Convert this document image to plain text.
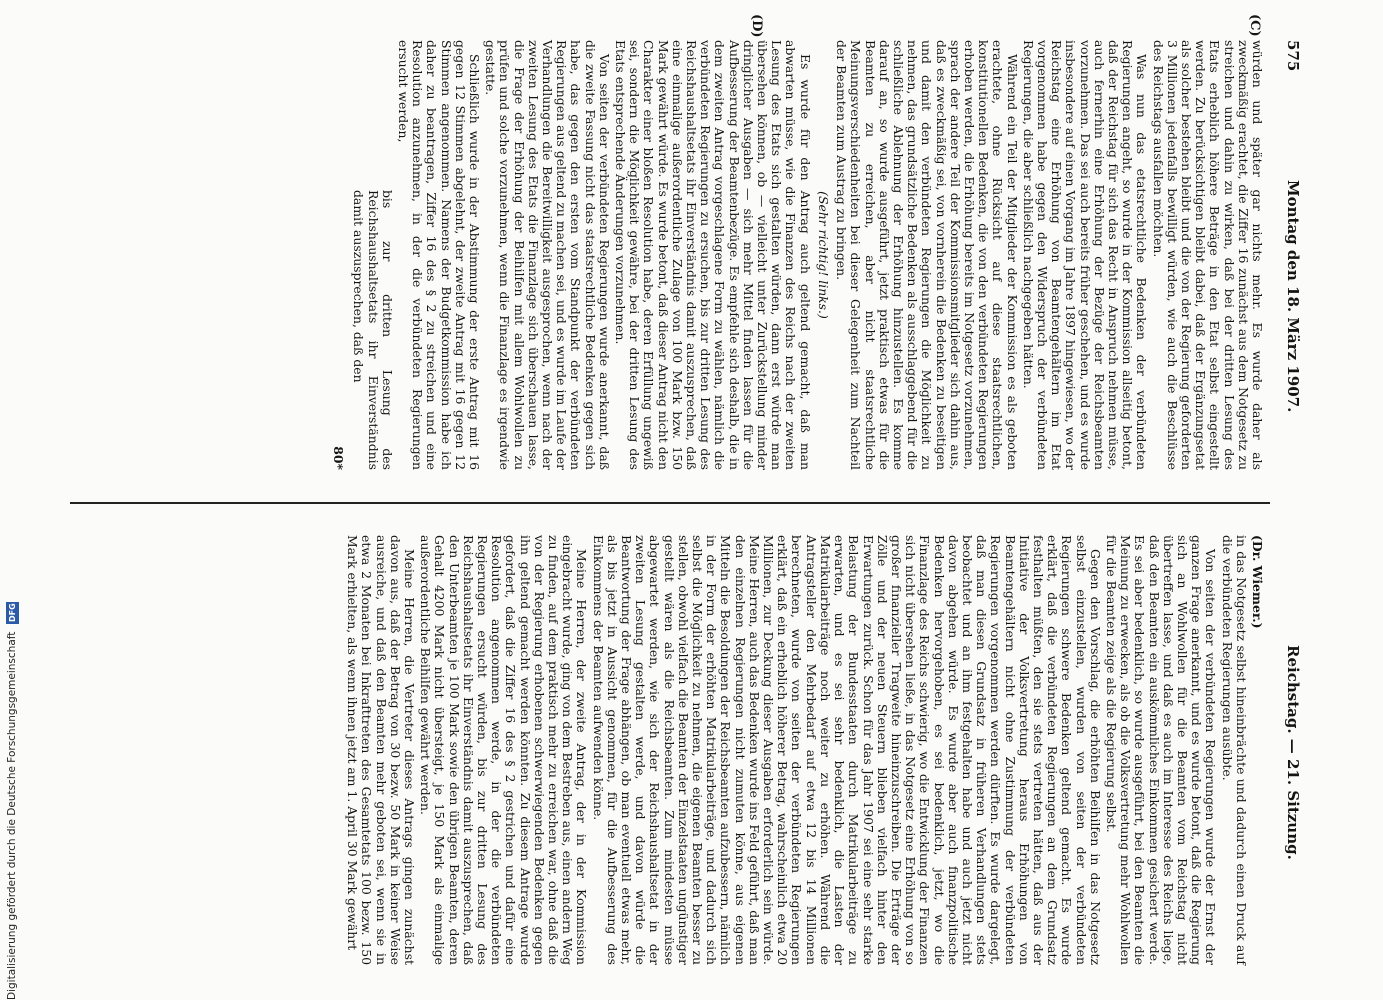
575
Montag den 18. März 1907.
Reichstag. — 21. Sitzung.
(C)
(D)

würden und später gar nichts mehr. Es wurde daher als zweckmäßig erachtet, die Ziffer 16 zunächst aus dem Notgesetz zu streichen und dahin zu wirken, daß bei der dritten Lesung des Etats erheblich höhere Beträge in den Etat selbst eingestellt werden. Zu berücksichtigen bleibt dabei, daß der Ergänzungsetat als solcher bestehen bleibt und die von der Regierung geforderten 3 Millionen jedenfalls bewilligt würden, wie auch die Beschlüsse des Reichstags ausfallen möchten.

Was nun das etatsrechtliche Bedenken der verbündeten Regierungen angeht, so wurde in der Kommission allseitig betont, daß der Reichstag für sich das Recht in Anspruch nehmen müsse, auch fernerhin eine Erhöhung der Bezüge der Reichsbeamten vorzunehmen. Das sei auch bereits früher geschehen, und es wurde insbesondere auf einen Vorgang im Jahre 1897 hingewiesen, wo der Reichstag eine Erhöhung von Beamtengehältern im Etat vorgenommen habe gegen den Widerspruch der verbündeten Regierungen, die aber schließlich nachgegeben hätten.

Während ein Teil der Mitglieder der Kommission es als geboten erachtete, ohne Rücksicht auf diese staatsrechtlichen, konstitutionellen Bedenken, die von den verbündeten Regierungen erhoben werden, die Erhöhung bereits im Notgesetz vorzunehmen, sprach der andere Teil der Kommissionsmitglieder sich dahin aus, daß es zweckmäßig sei, von vornherein die Bedenken zu beseitigen und damit den verbündeten Regierungen die Möglichkeit zu nehmen, das grundsätzliche Bedenken als ausschlaggebend für die schließliche Ablehnung der Erhöhung hinzustellen. Es komme darauf an, so wurde ausgeführt, jetzt praktisch etwas für die Beamten zu erreichen, aber nicht staatsrechtliche Meinungsverschiedenheiten bei dieser Gelegenheit zum Nachteil der Beamten zum Austrag zu bringen.

(Sehr richtig! links.)

Es wurde für den Antrag auch geltend gemacht, daß man abwarten müsse, wie die Finanzen des Reichs nach der zweiten Lesung des Etats sich gestalten würden, dann erst würde man übersehen können, ob — vielleicht unter Zurückstellung minder dringlicher Ausgaben — sich mehr Mittel finden lassen für die Aufbesserung der Beamtenbezüge. Es empfehle sich deshalb, die in dem zweiten Antrag vorgeschlagene Form zu wählen, nämlich die verbündeten Regierungen zu ersuchen, bis zur dritten Lesung des Reichshaushaltsetats ihr Einverständnis damit auszusprechen, daß eine einmalige außerordentliche Zulage von 100 Mark bzw. 150 Mark gewährt würde. Es wurde betont, daß dieser Antrag nicht den Charakter einer bloßen Resolution habe, deren Erfüllung ungewiß sei, sondern die Möglichkeit gewähre, bei der dritten Lesung des Etats entsprechende Änderungen vorzunehmen.

Von seiten der verbündeten Regierungen wurde anerkannt, daß die zweite Fassung nicht das staatsrechtliche Bedenken gegen sich habe, das gegen den ersten vom Standpunkt der verbündeten Regierungen aus geltend zu machen sei, und es wurde im Laufe der Verhandlungen die Bereitwilligkeit ausgesprochen, wenn nach der zweiten Lesung des Etats die Finanzlage sich überschauen lasse, die Frage der Erhöhung der Beihilfen mit allem Wohlwollen zu prüfen und solche vorzunehmen, wenn die Finanzlage es irgendwie gestatte.

Schließlich wurde in der Abstimmung der erste Antrag mit 16 gegen 12 Stimmen abgelehnt, der zweite Antrag mit 16 gegen 12 Stimmen angenommen. Namens der Budgetkommission habe ich daher zu beantragen, Ziffer 16 des § 2 zu streichen und eine Resolution anzunehmen, in der die verbündeten Regierungen ersucht werden,

bis zur dritten Lesung des Reichshaushaltsetats ihr Einverständnis damit auszusprechen, daß den

80*

(Dr. Wiemer.)

in das Notgesetz selbst hineinbrächte und dadurch einen Druck auf die verbündeten Regierungen ausübte.

Von seiten der verbündeten Regierungen wurde der Ernst der ganzen Frage anerkannt, und es wurde betont, daß die Regierung sich an Wohlwollen für die Beamten vom Reichstag nicht übertreffen lasse, und daß es auch im Interesse des Reichs liege, daß den Beamten ein auskömmliches Einkommen gesichert werde. Es sei aber bedenklich, so wurde ausgeführt, bei den Beamten die Meinung zu erwecken, als ob die Volksvertretung mehr Wohlwollen für die Beamten zeige als die Regierung selbst.

Gegen den Vorschlag, die erhöhten Beihilfen in das Notgesetz selbst einzustellen, wurden von seiten der verbündeten Regierungen schwere Bedenken geltend gemacht. Es wurde erklärt, daß die verbündeten Regierungen an dem Grundsatz festhalten müßten, den sie stets vertreten hätten, daß aus der Initiative der Volksvertretung heraus Erhöhungen von Beamtengehältern nicht ohne Zustimmung der verbündeten Regierungen vorgenommen werden dürften. Es wurde dargelegt, daß man diesen Grundsatz in früheren Verhandlungen stets beobachtet und an ihm festgehalten habe und auch jetzt nicht davon abgehen würde. Es wurde aber auch finanzpolitische Bedenken hervorgehoben, es sei bedenklich, jetzt, wo die Finanzlage des Reichs schwierig, wo die Entwicklung der Finanzen sich nicht übersehen ließe, in das Notgesetz eine Erhöhung von so großer finanzieller Tragweite hineinzuschreiben. Die Erträge der Zölle und der neuen Steuern blieben vielfach hinter den Erwartungen zurück. Schon für das Jahr 1907 sei eine sehr starke Belastung der Bundesstaaten durch Matrikularbeiträge zu erwarten, und es sei sehr bedenklich, die Lasten der Matrikularbeiträge noch weiter zu erhöhen. Während die Antragsteller den Mehrbedarf auf etwa 12 bis 14 Millionen berechneten, wurde von seiten der verbündeten Regierungen erklärt, daß ein erheblich höherer Betrag, wahrscheinlich etwa 20 Millionen, zur Deckung dieser Ausgaben erforderlich sein würde. Meine Herren, auch das Bedenken wurde ins Feld geführt, daß man den einzelnen Regierungen nicht zumuten könne, aus eigenen Mitteln die Besoldungen der Reichsbeamten aufzubessern, nämlich in der Form der erhöhten Matrikularbeiträge, und dadurch sich selbst die Möglichkeit zu nehmen, die eigenen Beamten besser zu stellen, obwohl vielfach die Beamten der Einzelstaaten ungünstiger gestellt wären als die Reichsbeamten. Zum mindesten müsse abgewartet werden, wie sich der Reichshaushaltsetat in der zweiten Lesung gestalten werde, und davon würde die Beantwortung der Frage abhängen, ob man eventuell etwas mehr, als bis jetzt in Aussicht genommen, für die Aufbesserung des Einkommens der Beamten aufwenden könne.

Meine Herren, der zweite Antrag, der in der Kommission eingebracht wurde, ging von dem Bestreben aus, einen andern Weg zu finden, auf dem praktisch mehr zu erreichen war, ohne daß die von der Regierung erhobenen schwerwiegenden Bedenken gegen ihn geltend gemacht werden könnten. Zu diesem Antrage wurde gefordert, daß die Ziffer 16 des § 2 gestrichen und dafür eine Resolution angenommen werde, in der die verbündeten Regierungen ersucht würden, bis zur dritten Lesung des Reichshaushaltsetats ihr Einverständnis damit auszusprechen, daß den Unterbeamten je 100 Mark sowie den übrigen Beamten, deren Gehalt 4200 Mark nicht übersteigt, je 150 Mark als einmalige außerordentliche Beihilfen gewährt werden.

Meine Herren, die Vertreter dieses Antrags gingen zunächst davon aus, daß der Betrag von 30 bezw. 50 Mark in keiner Weise ausreiche, und daß den Beamten mehr geboten sei, wenn sie in etwa 2 Monaten bei Inkrafttreten des Gesamtetats 100 bezw. 150 Mark erhielten, als wenn ihnen jetzt am 1. April 30 Mark gewährt

Digitalisierung gefördert durch die Deutsche ForschungsgemeinschaftDFG
